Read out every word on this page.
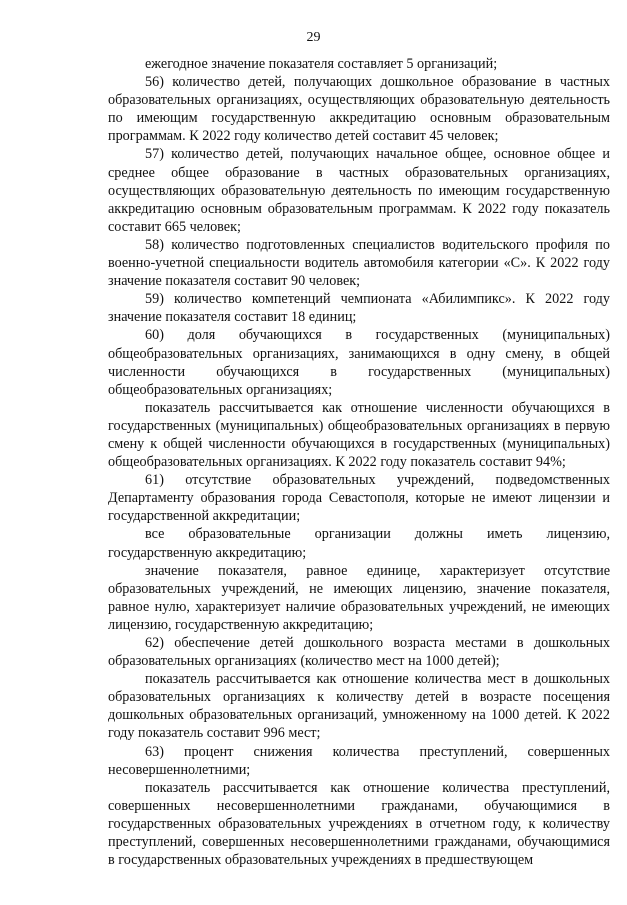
29

ежегодное значение показателя составляет 5 организаций;

56) количество детей, получающих дошкольное образование в частных образовательных организациях, осуществляющих образовательную деятельность по имеющим государственную аккредитацию основным образовательным программам. К 2022 году количество детей составит 45 человек;

57) количество детей, получающих начальное общее, основное общее и среднее общее образование в частных образовательных организациях, осуществляющих образовательную деятельность по имеющим государственную аккредитацию основным образовательным программам. К 2022 году показатель составит 665 человек;

58) количество подготовленных специалистов водительского профиля по военно-учетной специальности водитель автомобиля категории «С». К 2022 году значение показателя составит 90 человек;

59) количество компетенций чемпионата «Абилимпикс». К 2022 году значение показателя составит 18 единиц;

60) доля обучающихся в государственных (муниципальных) общеобразовательных организациях, занимающихся в одну смену, в общей численности обучающихся в государственных (муниципальных) общеобразовательных организациях;

показатель рассчитывается как отношение численности обучающихся в государственных (муниципальных) общеобразовательных организациях в первую смену к общей численности обучающихся в государственных (муниципальных) общеобразовательных организациях. К 2022 году показатель составит 94%;

61) отсутствие образовательных учреждений, подведомственных Департаменту образования города Севастополя, которые не имеют лицензии и государственной аккредитации;

все образовательные организации должны иметь лицензию, государственную аккредитацию;

значение показателя, равное единице, характеризует отсутствие образовательных учреждений, не имеющих лицензию, значение показателя, равное нулю, характеризует наличие образовательных учреждений, не имеющих лицензию, государственную аккредитацию;

62) обеспечение детей дошкольного возраста местами в дошкольных образовательных организациях (количество мест на 1000 детей);

показатель рассчитывается как отношение количества мест в дошкольных образовательных организациях к количеству детей в возрасте посещения дошкольных образовательных организаций, умноженному на 1000 детей. К 2022 году показатель составит 996 мест;

63) процент снижения количества преступлений, совершенных несовершеннолетними;

показатель рассчитывается как отношение количества преступлений, совершенных несовершеннолетними гражданами, обучающимися в государственных образовательных учреждениях в отчетном году, к количеству преступлений, совершенных несовершеннолетними гражданами, обучающимися в государственных образовательных учреждениях в предшествующем
